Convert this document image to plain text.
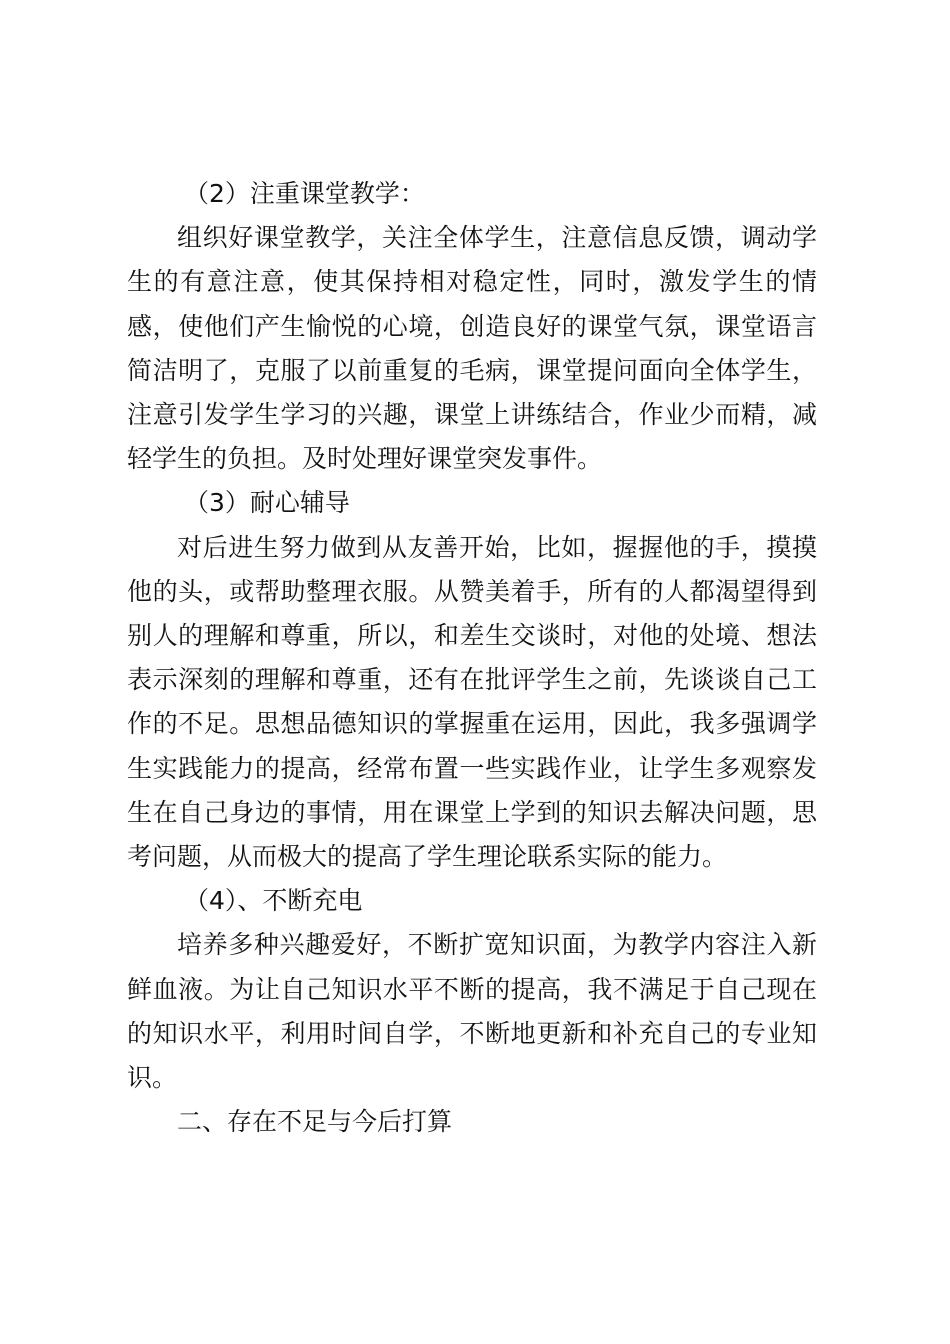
（2）注重课堂教学：

组织好课堂教学，关注全体学生，注意信息反馈，调动学
生的有意注意，使其保持相对稳定性，同时，激发学生的情
感，使他们产生愉悦的心境，创造良好的课堂气氛，课堂语言
简洁明了，克服了以前重复的毛病，课堂提问面向全体学生，
注意引发学生学习的兴趣，课堂上讲练结合，作业少而精，减
轻学生的负担。及时处理好课堂突发事件。

（3）耐心辅导

对后进生努力做到从友善开始，比如，握握他的手，摸摸
他的头，或帮助整理衣服。从赞美着手，所有的人都渴望得到
别人的理解和尊重，所以，和差生交谈时，对他的处境、想法
表示深刻的理解和尊重，还有在批评学生之前，先谈谈自己工
作的不足。思想品德知识的掌握重在运用，因此，我多强调学
生实践能力的提高，经常布置一些实践作业，让学生多观察发
生在自己身边的事情，用在课堂上学到的知识去解决问题，思
考问题，从而极大的提高了学生理论联系实际的能力。

（4）、不断充电

培养多种兴趣爱好，不断扩宽知识面，为教学内容注入新
鲜血液。为让自己知识水平不断的提高，我不满足于自己现在
的知识水平，利用时间自学，不断地更新和补充自己的专业知
识。

二、存在不足与今后打算
